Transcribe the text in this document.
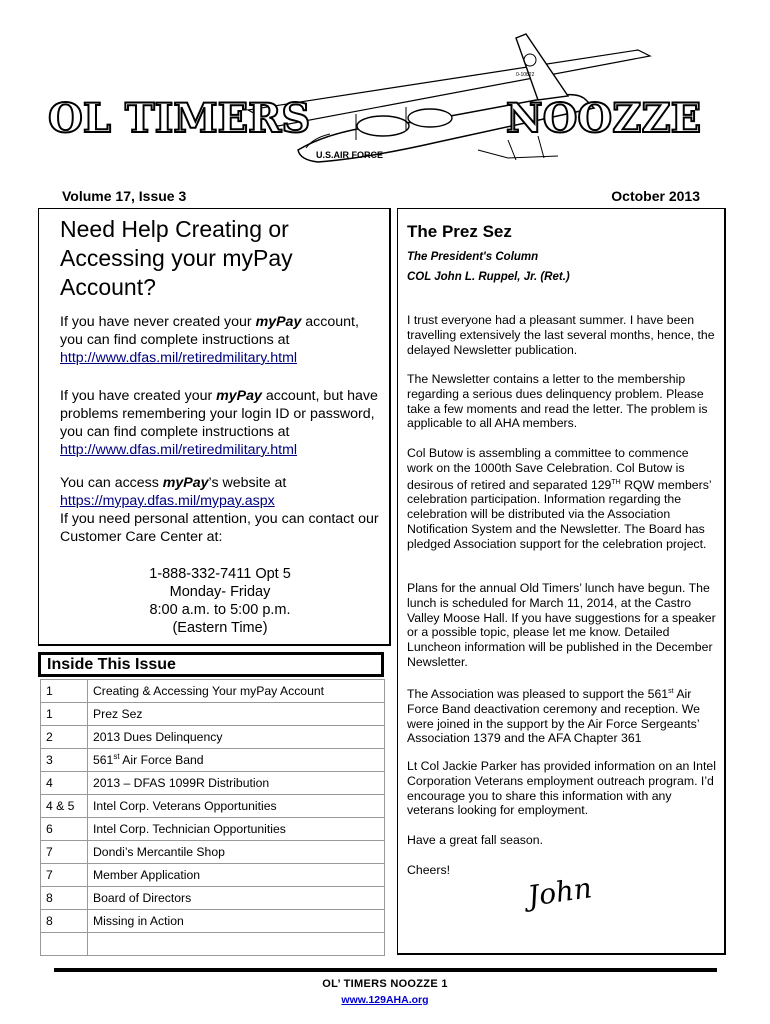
OL TIMERS	NOOZZE
U.S.AIR FORCE
0-10822
Volume 17, Issue 3	October 2013
Need Help Creating or Accessing your myPay Account?

If you have never created your myPay account, you can find complete instructions at
http://www.dfas.mil/retiredmilitary.html

If you have created your myPay account, but have problems remembering your login ID or password, you can find complete instructions at http://www.dfas.mil/retiredmilitary.html

You can access myPay’s website at
https://mypay.dfas.mil/mypay.aspx
If you need personal attention, you can contact our Customer Care Center at:

1-888-332-7411 Opt 5
Monday- Friday
8:00 a.m. to 5:00 p.m.
(Eastern Time)
Inside This Issue
1	Creating & Accessing Your myPay Account
1	Prez Sez
2	2013 Dues Delinquency
3	561st Air Force Band
4	2013 – DFAS 1099R Distribution
4 & 5	Intel Corp. Veterans Opportunities
6	Intel Corp. Technician Opportunities
7	Dondi’s Mercantile Shop
7	Member Application
8	Board of Directors
8	Missing in Action

The Prez Sez
The President's Column
COL John L. Ruppel, Jr. (Ret.)

I trust everyone had a pleasant summer. I have been travelling extensively the last several months, hence, the delayed Newsletter publication.

The Newsletter contains a letter to the membership regarding a serious dues delinquency problem. Please take a few moments and read the letter. The problem is applicable to all AHA members.

Col Butow is assembling a committee to commence work on the 1000th Save Celebration. Col Butow is desirous of retired and separated 129TH RQW members’ celebration participation. Information regarding the celebration will be distributed via the Association Notification System and the Newsletter. The Board has pledged Association support for the celebration project.

Plans for the annual Old Timers’ lunch have begun. The lunch is scheduled for March 11, 2014, at the Castro Valley Moose Hall. If you have suggestions for a speaker or a possible topic, please let me know. Detailed Luncheon information will be published in the December Newsletter.

The Association was pleased to support the 561st Air Force Band deactivation ceremony and reception. We were joined in the support by the Air Force Sergeants’ Association 1379 and the AFA Chapter 361

Lt Col Jackie Parker has provided information on an Intel Corporation Veterans employment outreach program. I’d encourage you to share this information with any veterans looking for employment.

Have a great fall season.

Cheers!

John
OL’ TIMERS NOOZZE 1
www.129AHA.org
